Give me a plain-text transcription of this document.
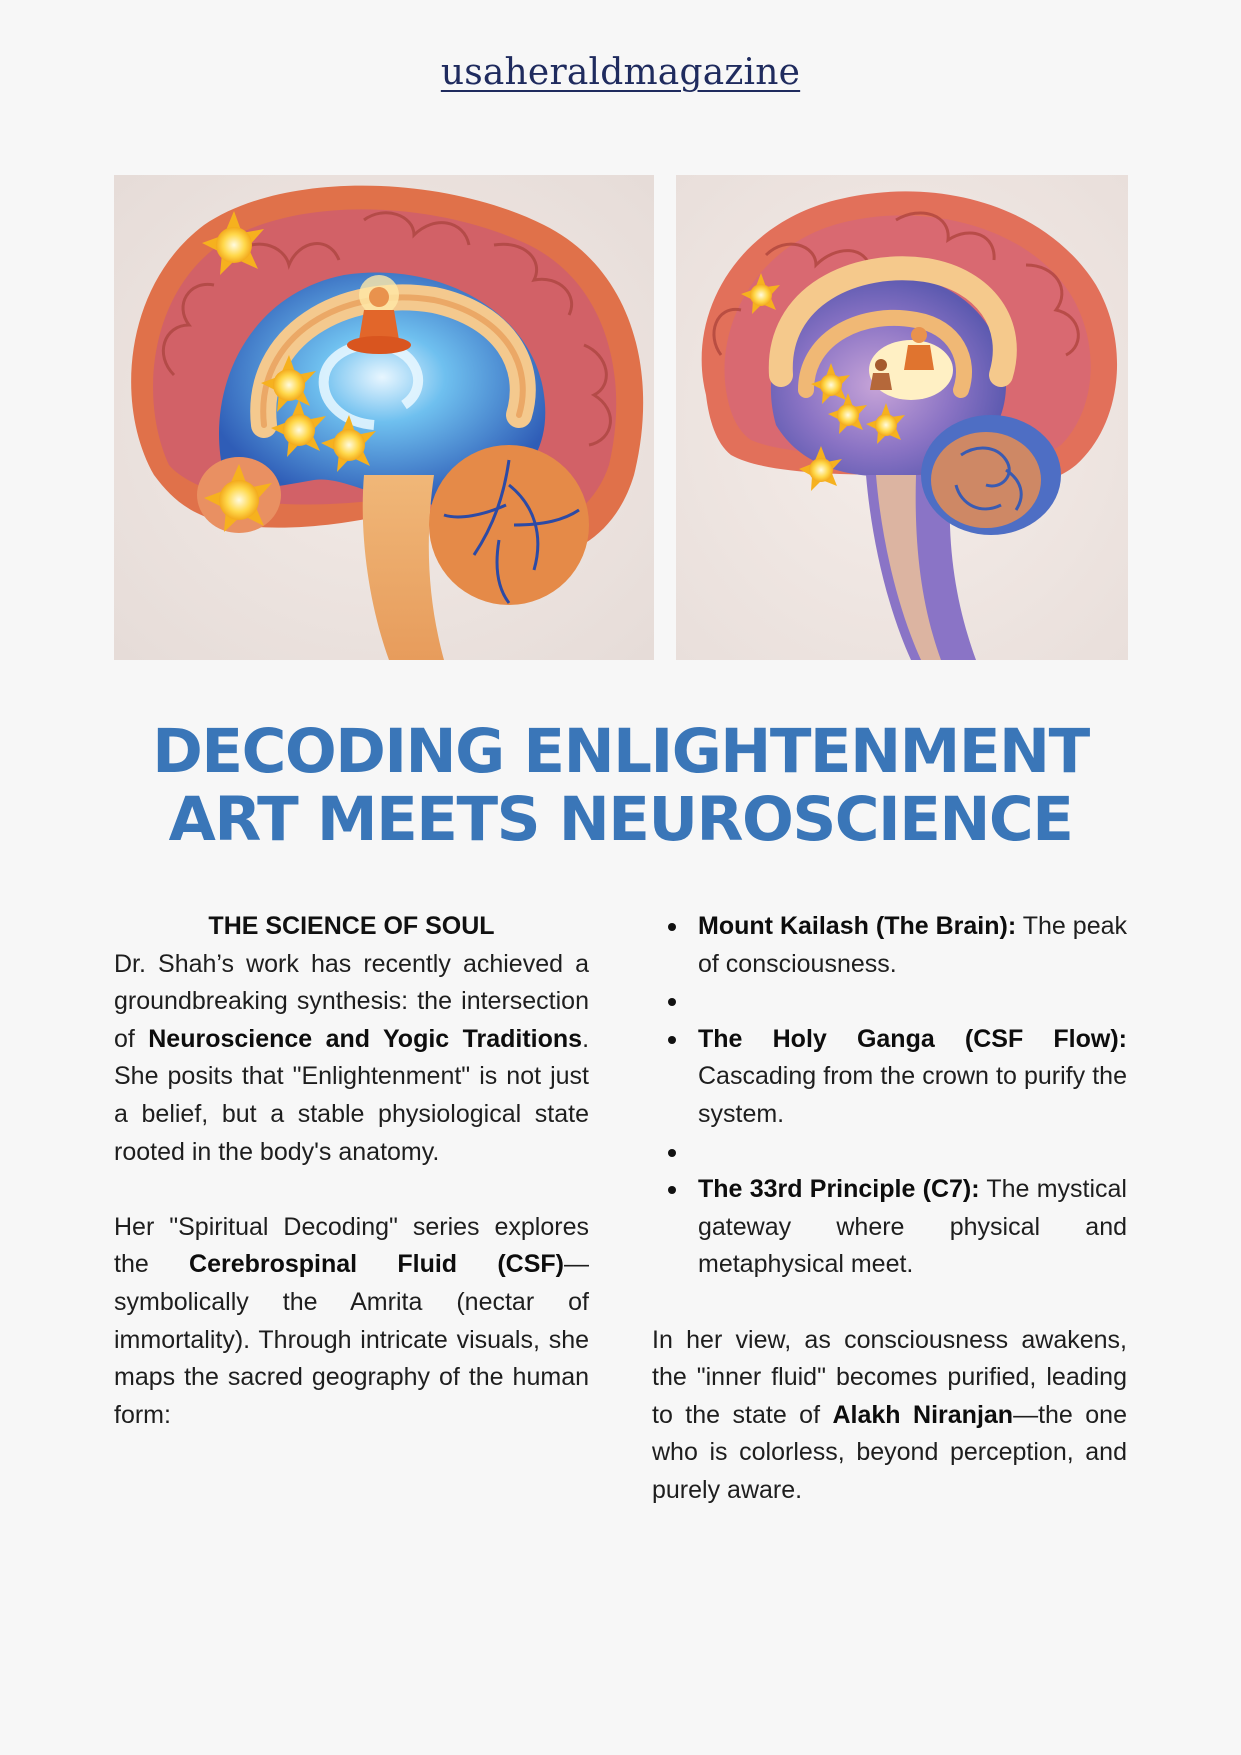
usaheraldmagazine
DECODING ENLIGHTENMENT
ART MEETS NEUROSCIENCE
THE SCIENCE OF SOUL
Dr. Shah’s work has recently achieved a groundbreaking synthesis: the intersection of Neuroscience and Yogic Traditions. She posits that "Enlightenment" is not just a belief, but a stable physiological state rooted in the body's anatomy.
Her "Spiritual Decoding" series explores the Cerebrospinal Fluid (CSF)—symbolically the Amrita (nectar of immortality). Through intricate visuals, she maps the sacred geography of the human form:
Mount Kailash (The Brain): The peak of consciousness.
The Holy Ganga (CSF Flow): Cascading from the crown to purify the system.
The 33rd Principle (C7): The mystical gateway where physical and metaphysical meet.
In her view, as consciousness awakens, the "inner fluid" becomes purified, leading to the state of Alakh Niranjan—the one who is colorless, beyond perception, and purely aware.
